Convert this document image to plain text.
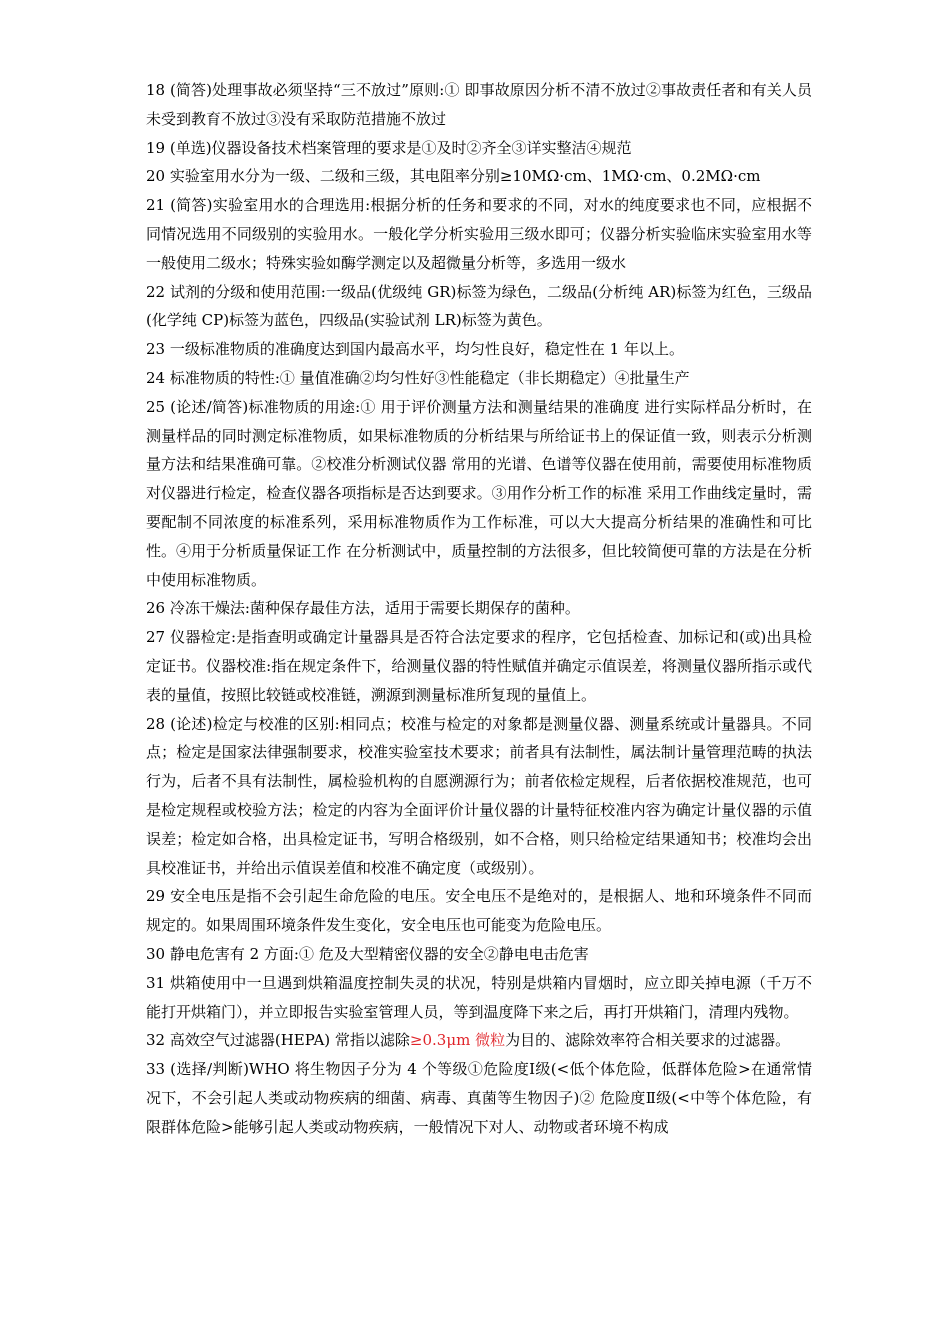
18 (简答)处理事故必须坚持“三不放过”原则:① 即事故原因分析不清不放过②事故责任者和有关人员未受到教育不放过③没有采取防范措施不放过

19 (单选)仪器设备技术档案管理的要求是①及时②齐全③详实整洁④规范

20 实验室用水分为一级、二级和三级，其电阻率分别≥10MΩ·cm、1MΩ·cm、0.2MΩ·cm

21 (简答)实验室用水的合理选用:根据分析的任务和要求的不同，对水的纯度要求也不同，应根据不同情况选用不同级别的实验用水。一般化学分析实验用三级水即可；仪器分析实验临床实验室用水等一般使用二级水；特殊实验如酶学测定以及超微量分析等，多选用一级水

22 试剂的分级和使用范围:一级品(优级纯 GR)标签为绿色，二级品(分析纯 AR)标签为红色，三级品(化学纯 CP)标签为蓝色，四级品(实验试剂 LR)标签为黄色。

23 一级标准物质的准确度达到国内最高水平，均匀性良好，稳定性在 1 年以上。

24 标准物质的特性:① 量值准确②均匀性好③性能稳定（非长期稳定）④批量生产

25 (论述/简答)标准物质的用途:① 用于评价测量方法和测量结果的准确度 进行实际样品分析时，在测量样品的同时测定标准物质，如果标准物质的分析结果与所给证书上的保证值一致，则表示分析测量方法和结果准确可靠。②校准分析测试仪器 常用的光谱、色谱等仪器在使用前，需要使用标准物质对仪器进行检定，检查仪器各项指标是否达到要求。③用作分析工作的标准 采用工作曲线定量时，需要配制不同浓度的标准系列，采用标准物质作为工作标准，可以大大提高分析结果的准确性和可比性。④用于分析质量保证工作 在分析测试中，质量控制的方法很多，但比较简便可靠的方法是在分析中使用标准物质。

26 冷冻干燥法:菌种保存最佳方法，适用于需要长期保存的菌种。

27 仪器检定:是指查明或确定计量器具是否符合法定要求的程序，它包括检查、加标记和(或)出具检定证书。仪器校准:指在规定条件下，给测量仪器的特性赋值并确定示值误差，将测量仪器所指示或代表的量值，按照比较链或校准链，溯源到测量标准所复现的量值上。

28 (论述)检定与校准的区别:相同点；校准与检定的对象都是测量仪器、测量系统或计量器具。不同点；检定是国家法律强制要求，校准实验室技术要求；前者具有法制性，属法制计量管理范畴的执法行为，后者不具有法制性，属检验机构的自愿溯源行为；前者依检定规程，后者依据校准规范，也可是检定规程或校验方法；检定的内容为全面评价计量仪器的计量特征校准内容为确定计量仪器的示值误差；检定如合格，出具检定证书，写明合格级别，如不合格，则只给检定结果通知书；校准均会出具校准证书，并给出示值误差值和校准不确定度（或级别）。

29 安全电压是指不会引起生命危险的电压。安全电压不是绝对的，是根据人、地和环境条件不同而规定的。如果周围环境条件发生变化，安全电压也可能变为危险电压。

30 静电危害有 2 方面:① 危及大型精密仪器的安全②静电电击危害

31 烘箱使用中一旦遇到烘箱温度控制失灵的状况，特别是烘箱内冒烟时，应立即关掉电源（千万不能打开烘箱门），并立即报告实验室管理人员，等到温度降下来之后，再打开烘箱门，清理内残物。

32 高效空气过滤器(HEPA) 常指以滤除≥0.3μm 微粒为目的、滤除效率符合相关要求的过滤器。

33 (选择/判断)WHO 将生物因子分为 4 个等级①危险度Ⅰ级(<低个体危险，低群体危险>在通常情况下，不会引起人类或动物疾病的细菌、病毒、真菌等生物因子)② 危险度Ⅱ级(<中等个体危险，有限群体危险>能够引起人类或动物疾病，一般情况下对人、动物或者环境不构成
